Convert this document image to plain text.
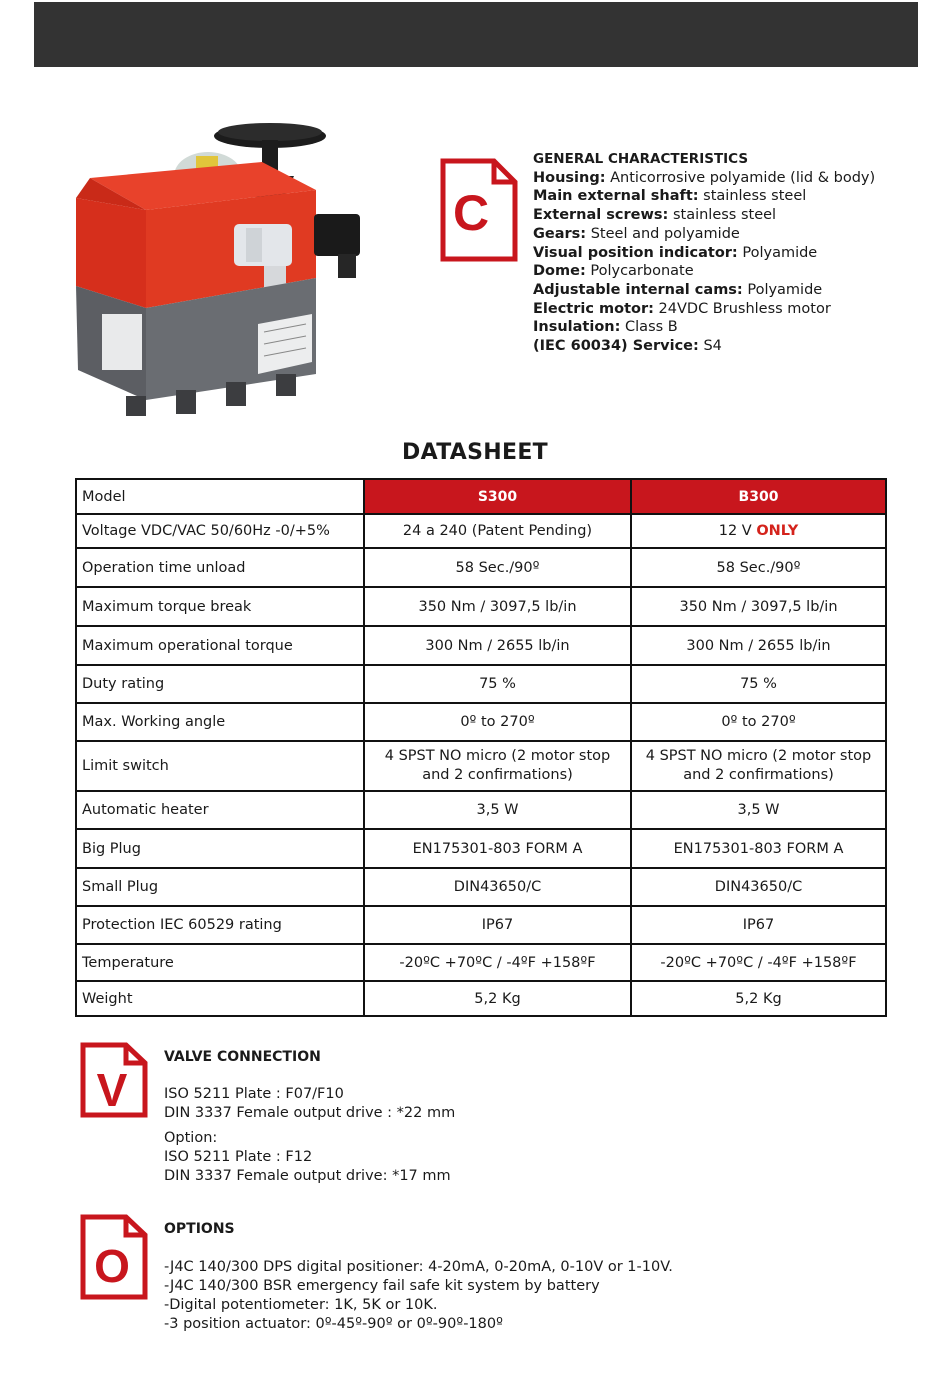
C
GENERAL CHARACTERISTICS
Housing: Anticorrosive polyamide (lid & body)
Main external shaft: stainless steel
External screws: stainless steel
Gears: Steel and polyamide
Visual position indicator: Polyamide
Dome: Polycarbonate
Adjustable internal cams: Polyamide
Electric motor: 24VDC Brushless motor
Insulation: Class B
(IEC 60034) Service: S4
DATASHEET
Model	S300	B300
Voltage VDC/VAC 50/60Hz -0/+5%	24 a 240 (Patent Pending)	12 V ONLY
Operation time unload	58 Sec./90º	58 Sec./90º
Maximum torque break	350 Nm / 3097,5 lb/in	350 Nm / 3097,5 lb/in
Maximum operational torque	300 Nm / 2655 lb/in	300 Nm / 2655 lb/in
Duty rating	75 %	75 %
Max. Working angle	0º to 270º	0º to 270º
Limit switch	4 SPST NO micro (2 motor stop and 2 confirmations)	4 SPST NO micro (2 motor stop and 2 confirmations)
Automatic heater	3,5 W	3,5 W
Big Plug	EN175301-803 FORM A	EN175301-803 FORM A
Small Plug	DIN43650/C	DIN43650/C
Protection IEC 60529 rating	IP67	IP67
Temperature	-20ºC +70ºC / -4ºF +158ºF	-20ºC +70ºC / -4ºF +158ºF
Weight	5,2 Kg	5,2 Kg
V
VALVE CONNECTION

ISO 5211 Plate : F07/F10

DIN 3337 Female output drive : *22 mm

Option:

ISO 5211 Plate : F12

DIN 3337 Female output drive: *17 mm

O
OPTIONS

-J4C 140/300 DPS digital positioner: 4-20mA, 0-20mA, 0-10V or 1-10V.

-J4C 140/300 BSR emergency fail safe kit system by battery

-Digital potentiometer: 1K, 5K or 10K.

-3 position actuator: 0º-45º-90º or 0º-90º-180º
